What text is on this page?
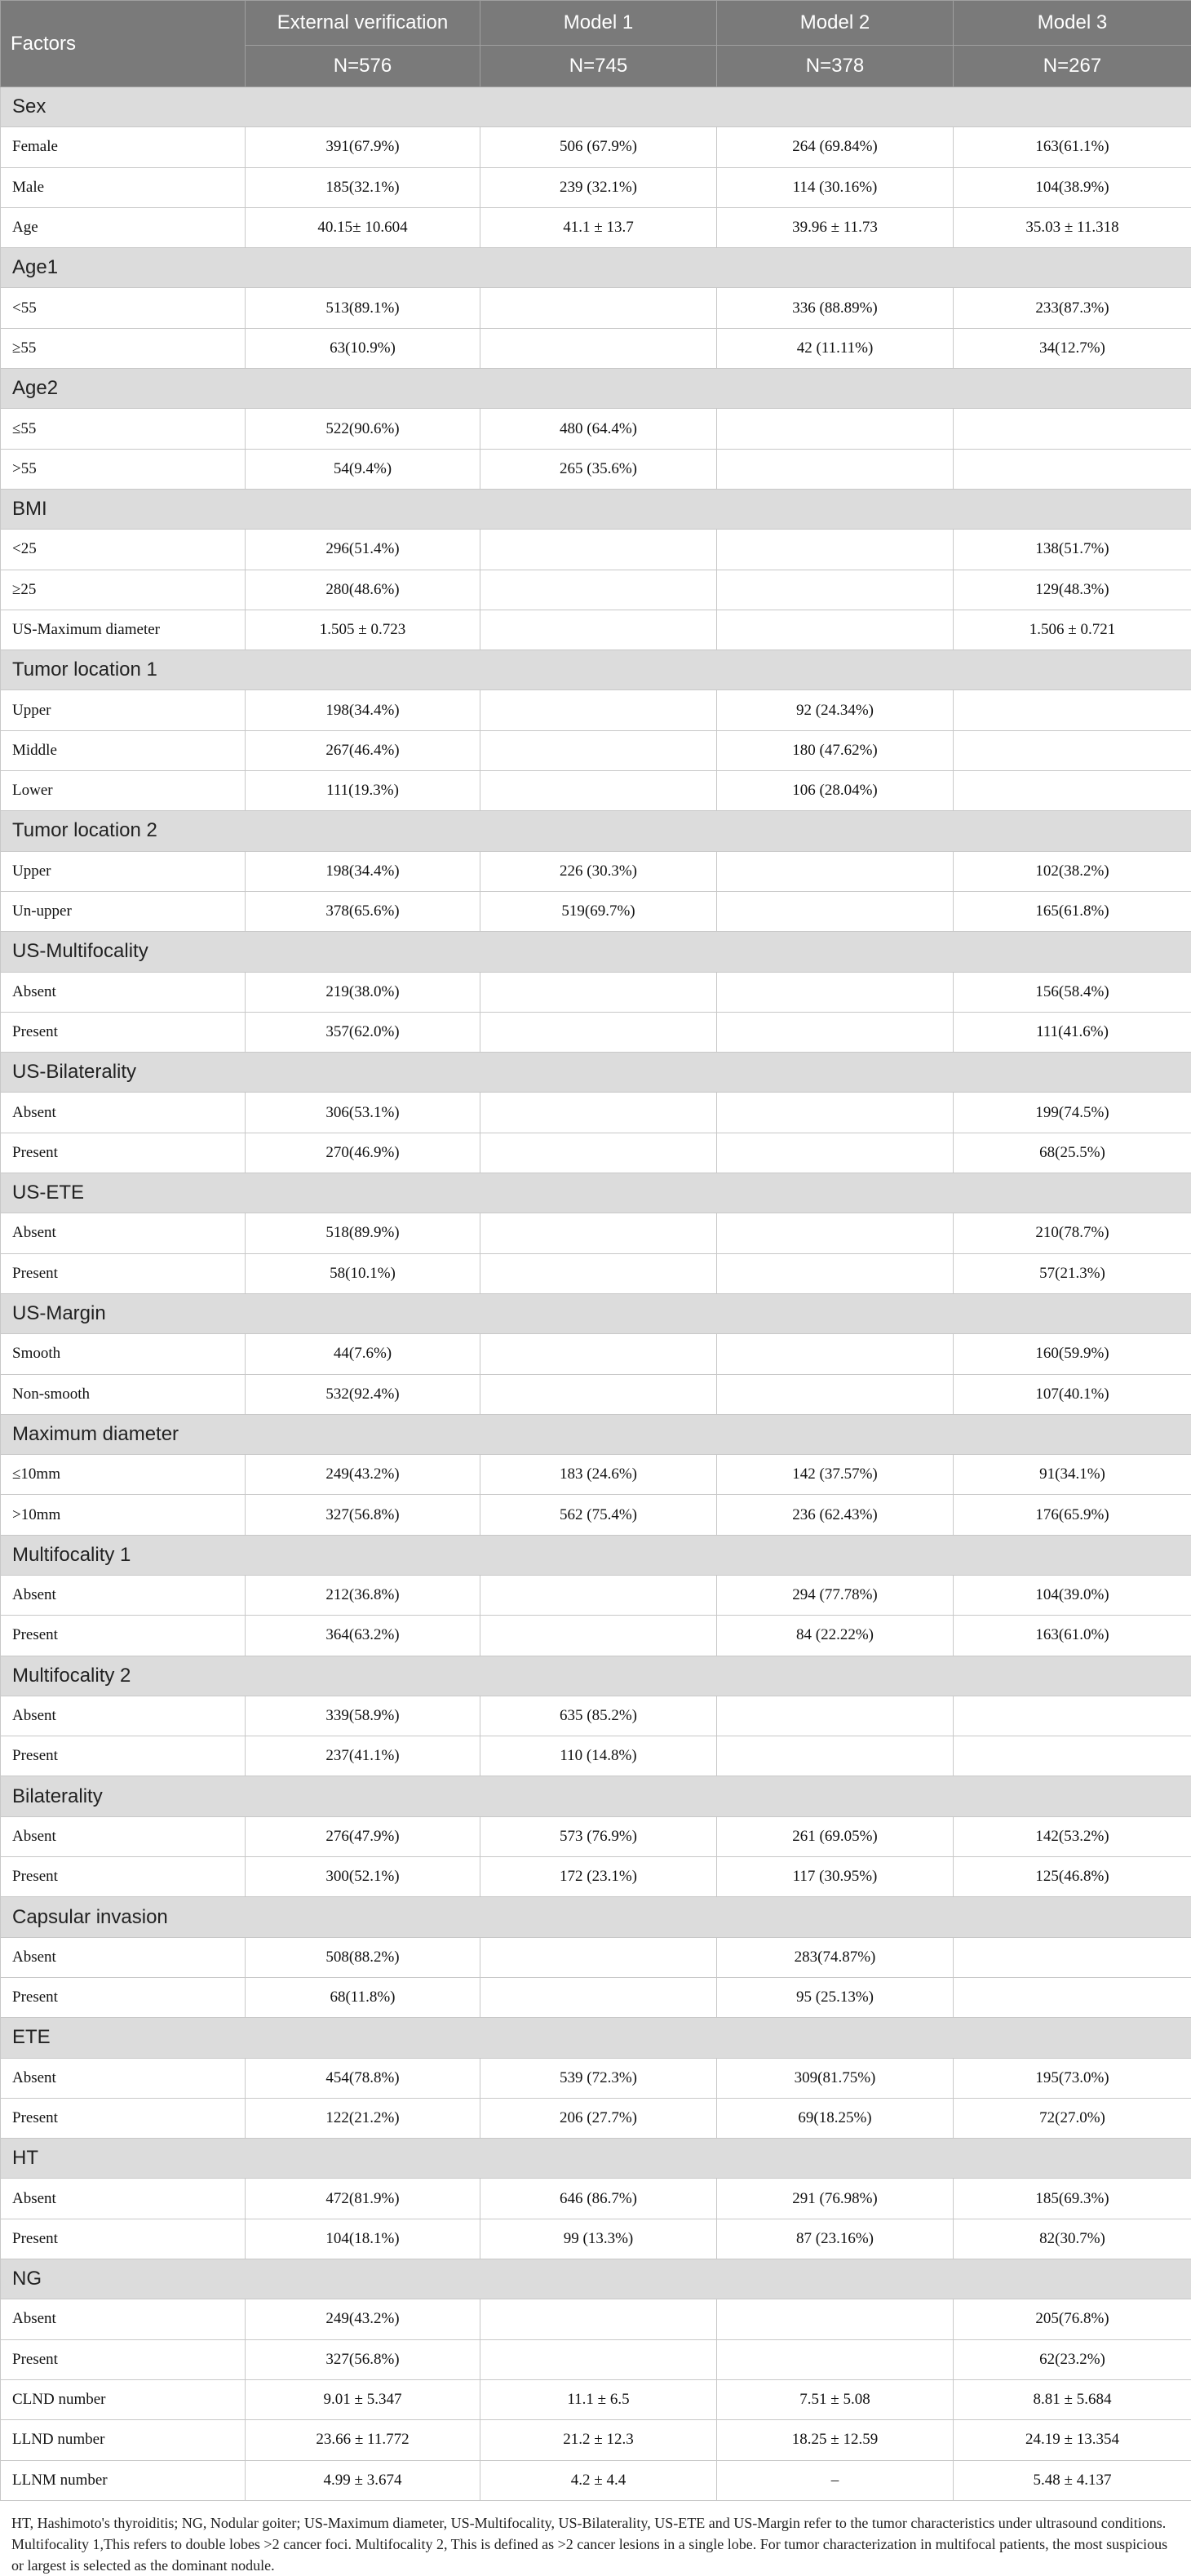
Factors	External verification	Model 1	Model 2	Model 3
	N=576	N=745	N=378	N=267
Sex				
Female	391(67.9%)	506 (67.9%)	264 (69.84%)	163(61.1%)
Male	185(32.1%)	239 (32.1%)	114 (30.16%)	104(38.9%)
Age	40.15± 10.604	41.1 ± 13.7	39.96 ± 11.73	35.03 ± 11.318
Age1				
<55	513(89.1%)		336 (88.89%)	233(87.3%)
≥55	63(10.9%)		42 (11.11%)	34(12.7%)
Age2				
≤55	522(90.6%)	480 (64.4%)		
>55	54(9.4%)	265 (35.6%)		
BMI				
<25	296(51.4%)			138(51.7%)
≥25	280(48.6%)			129(48.3%)
US-Maximum diameter	1.505 ± 0.723			1.506 ± 0.721
Tumor location 1				
Upper	198(34.4%)		92 (24.34%)	
Middle	267(46.4%)		180 (47.62%)	
Lower	111(19.3%)		106 (28.04%)	
Tumor location 2				
Upper	198(34.4%)	226 (30.3%)		102(38.2%)
Un-upper	378(65.6%)	519(69.7%)		165(61.8%)
US-Multifocality				
Absent	219(38.0%)			156(58.4%)
Present	357(62.0%)			111(41.6%)
US-Bilaterality				
Absent	306(53.1%)			199(74.5%)
Present	270(46.9%)			68(25.5%)
US-ETE				
Absent	518(89.9%)			210(78.7%)
Present	58(10.1%)			57(21.3%)
US-Margin				
Smooth	44(7.6%)			160(59.9%)
Non-smooth	532(92.4%)			107(40.1%)
Maximum diameter				
≤10mm	249(43.2%)	183 (24.6%)	142 (37.57%)	91(34.1%)
>10mm	327(56.8%)	562 (75.4%)	236 (62.43%)	176(65.9%)
Multifocality 1				
Absent	212(36.8%)		294 (77.78%)	104(39.0%)
Present	364(63.2%)		84 (22.22%)	163(61.0%)
Multifocality 2				
Absent	339(58.9%)	635 (85.2%)		
Present	237(41.1%)	110 (14.8%)		
Bilaterality				
Absent	276(47.9%)	573 (76.9%)	261 (69.05%)	142(53.2%)
Present	300(52.1%)	172 (23.1%)	117 (30.95%)	125(46.8%)
Capsular invasion				
Absent	508(88.2%)		283(74.87%)	
Present	68(11.8%)		95 (25.13%)	
ETE				
Absent	454(78.8%)	539 (72.3%)	309(81.75%)	195(73.0%)
Present	122(21.2%)	206 (27.7%)	69(18.25%)	72(27.0%)
HT				
Absent	472(81.9%)	646 (86.7%)	291 (76.98%)	185(69.3%)
Present	104(18.1%)	99 (13.3%)	87 (23.16%)	82(30.7%)
NG				
Absent	249(43.2%)			205(76.8%)
Present	327(56.8%)			62(23.2%)
CLND number	9.01 ± 5.347	11.1 ± 6.5	7.51 ± 5.08	8.81 ± 5.684
LLND number	23.66 ± 11.772	21.2 ± 12.3	18.25 ± 12.59	24.19 ± 13.354
LLNM number	4.99 ± 3.674	4.2 ± 4.4	–	5.48 ± 4.137
HT, Hashimoto's thyroiditis; NG, Nodular goiter; US-Maximum diameter, US-Multifocality, US-Bilaterality, US-ETE and US-Margin refer to the tumor characteristics under ultrasound conditions. Multifocality 1,This refers to double lobes >2 cancer foci. Multifocality 2, This is defined as >2 cancer lesions in a single lobe. For tumor characterization in multifocal patients, the most suspicious or largest is selected as the dominant nodule.
